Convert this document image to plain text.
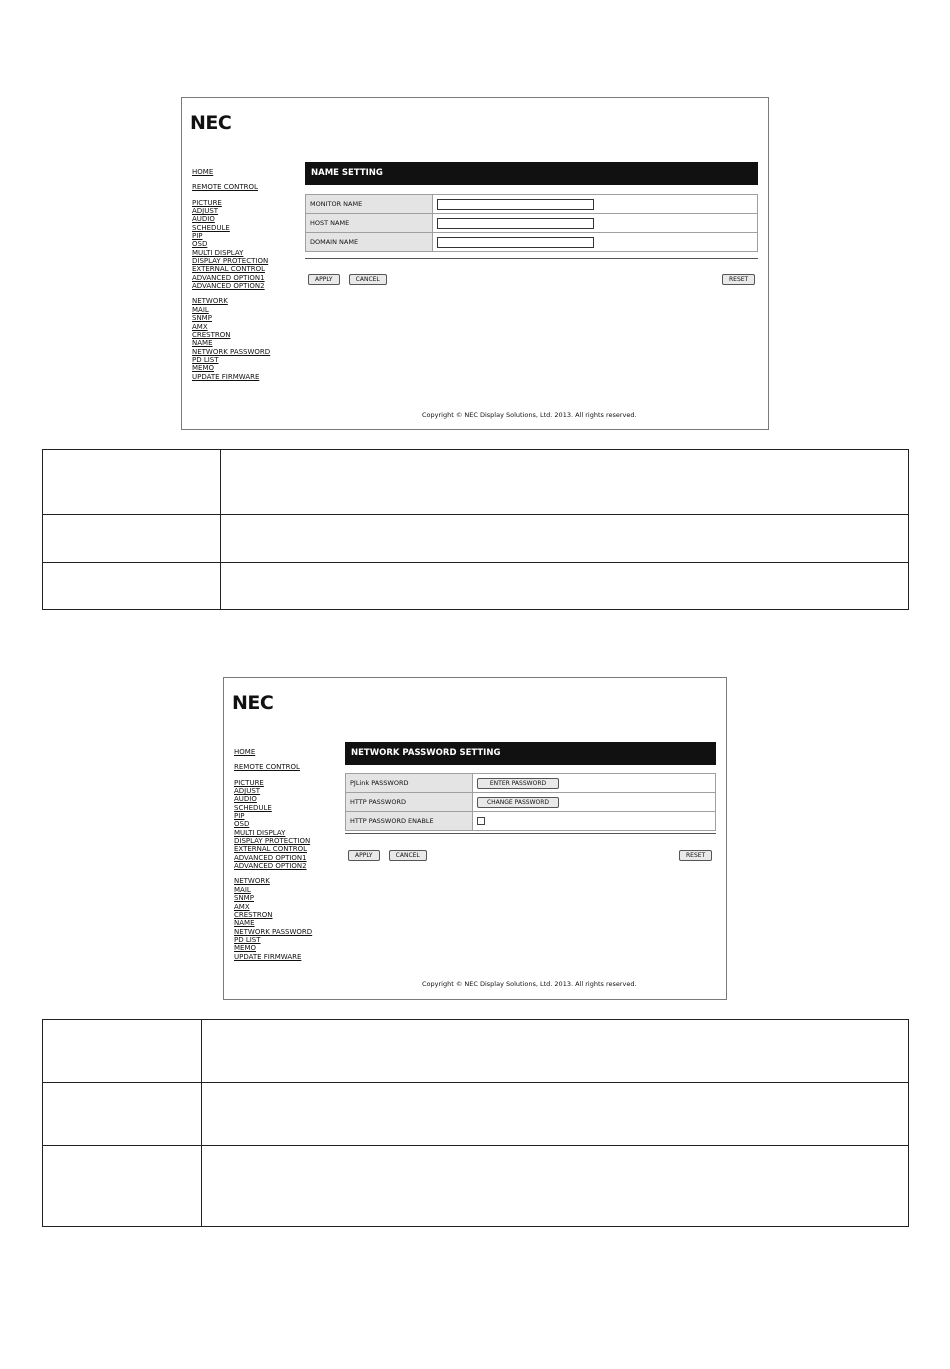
NEC
HOME
REMOTE CONTROL
PICTURE
ADJUST
AUDIO
SCHEDULE
PIP
OSD
MULTI DISPLAY
DISPLAY PROTECTION
EXTERNAL CONTROL
ADVANCED OPTION1
ADVANCED OPTION2
NETWORK
MAIL
SNMP
AMX
CRESTRON
NAME
NETWORK PASSWORD
PD LIST
MEMO
UPDATE FIRMWARE
NAME SETTING
MONITOR NAME	
HOST NAME	
DOMAIN NAME	
APPLY	CANCEL	RESET
Copyright © NEC Display Solutions, Ltd. 2013. All rights reserved.

NEC
HOME
REMOTE CONTROL
PICTURE
ADJUST
AUDIO
SCHEDULE
PIP
OSD
MULTI DISPLAY
DISPLAY PROTECTION
EXTERNAL CONTROL
ADVANCED OPTION1
ADVANCED OPTION2
NETWORK
MAIL
SNMP
AMX
CRESTRON
NAME
NETWORK PASSWORD
PD LIST
MEMO
UPDATE FIRMWARE
NETWORK PASSWORD SETTING
PJLink PASSWORD	ENTER PASSWORD
HTTP PASSWORD	CHANGE PASSWORD
HTTP PASSWORD ENABLE	
APPLY	CANCEL	RESET
Copyright © NEC Display Solutions, Ltd. 2013. All rights reserved.
